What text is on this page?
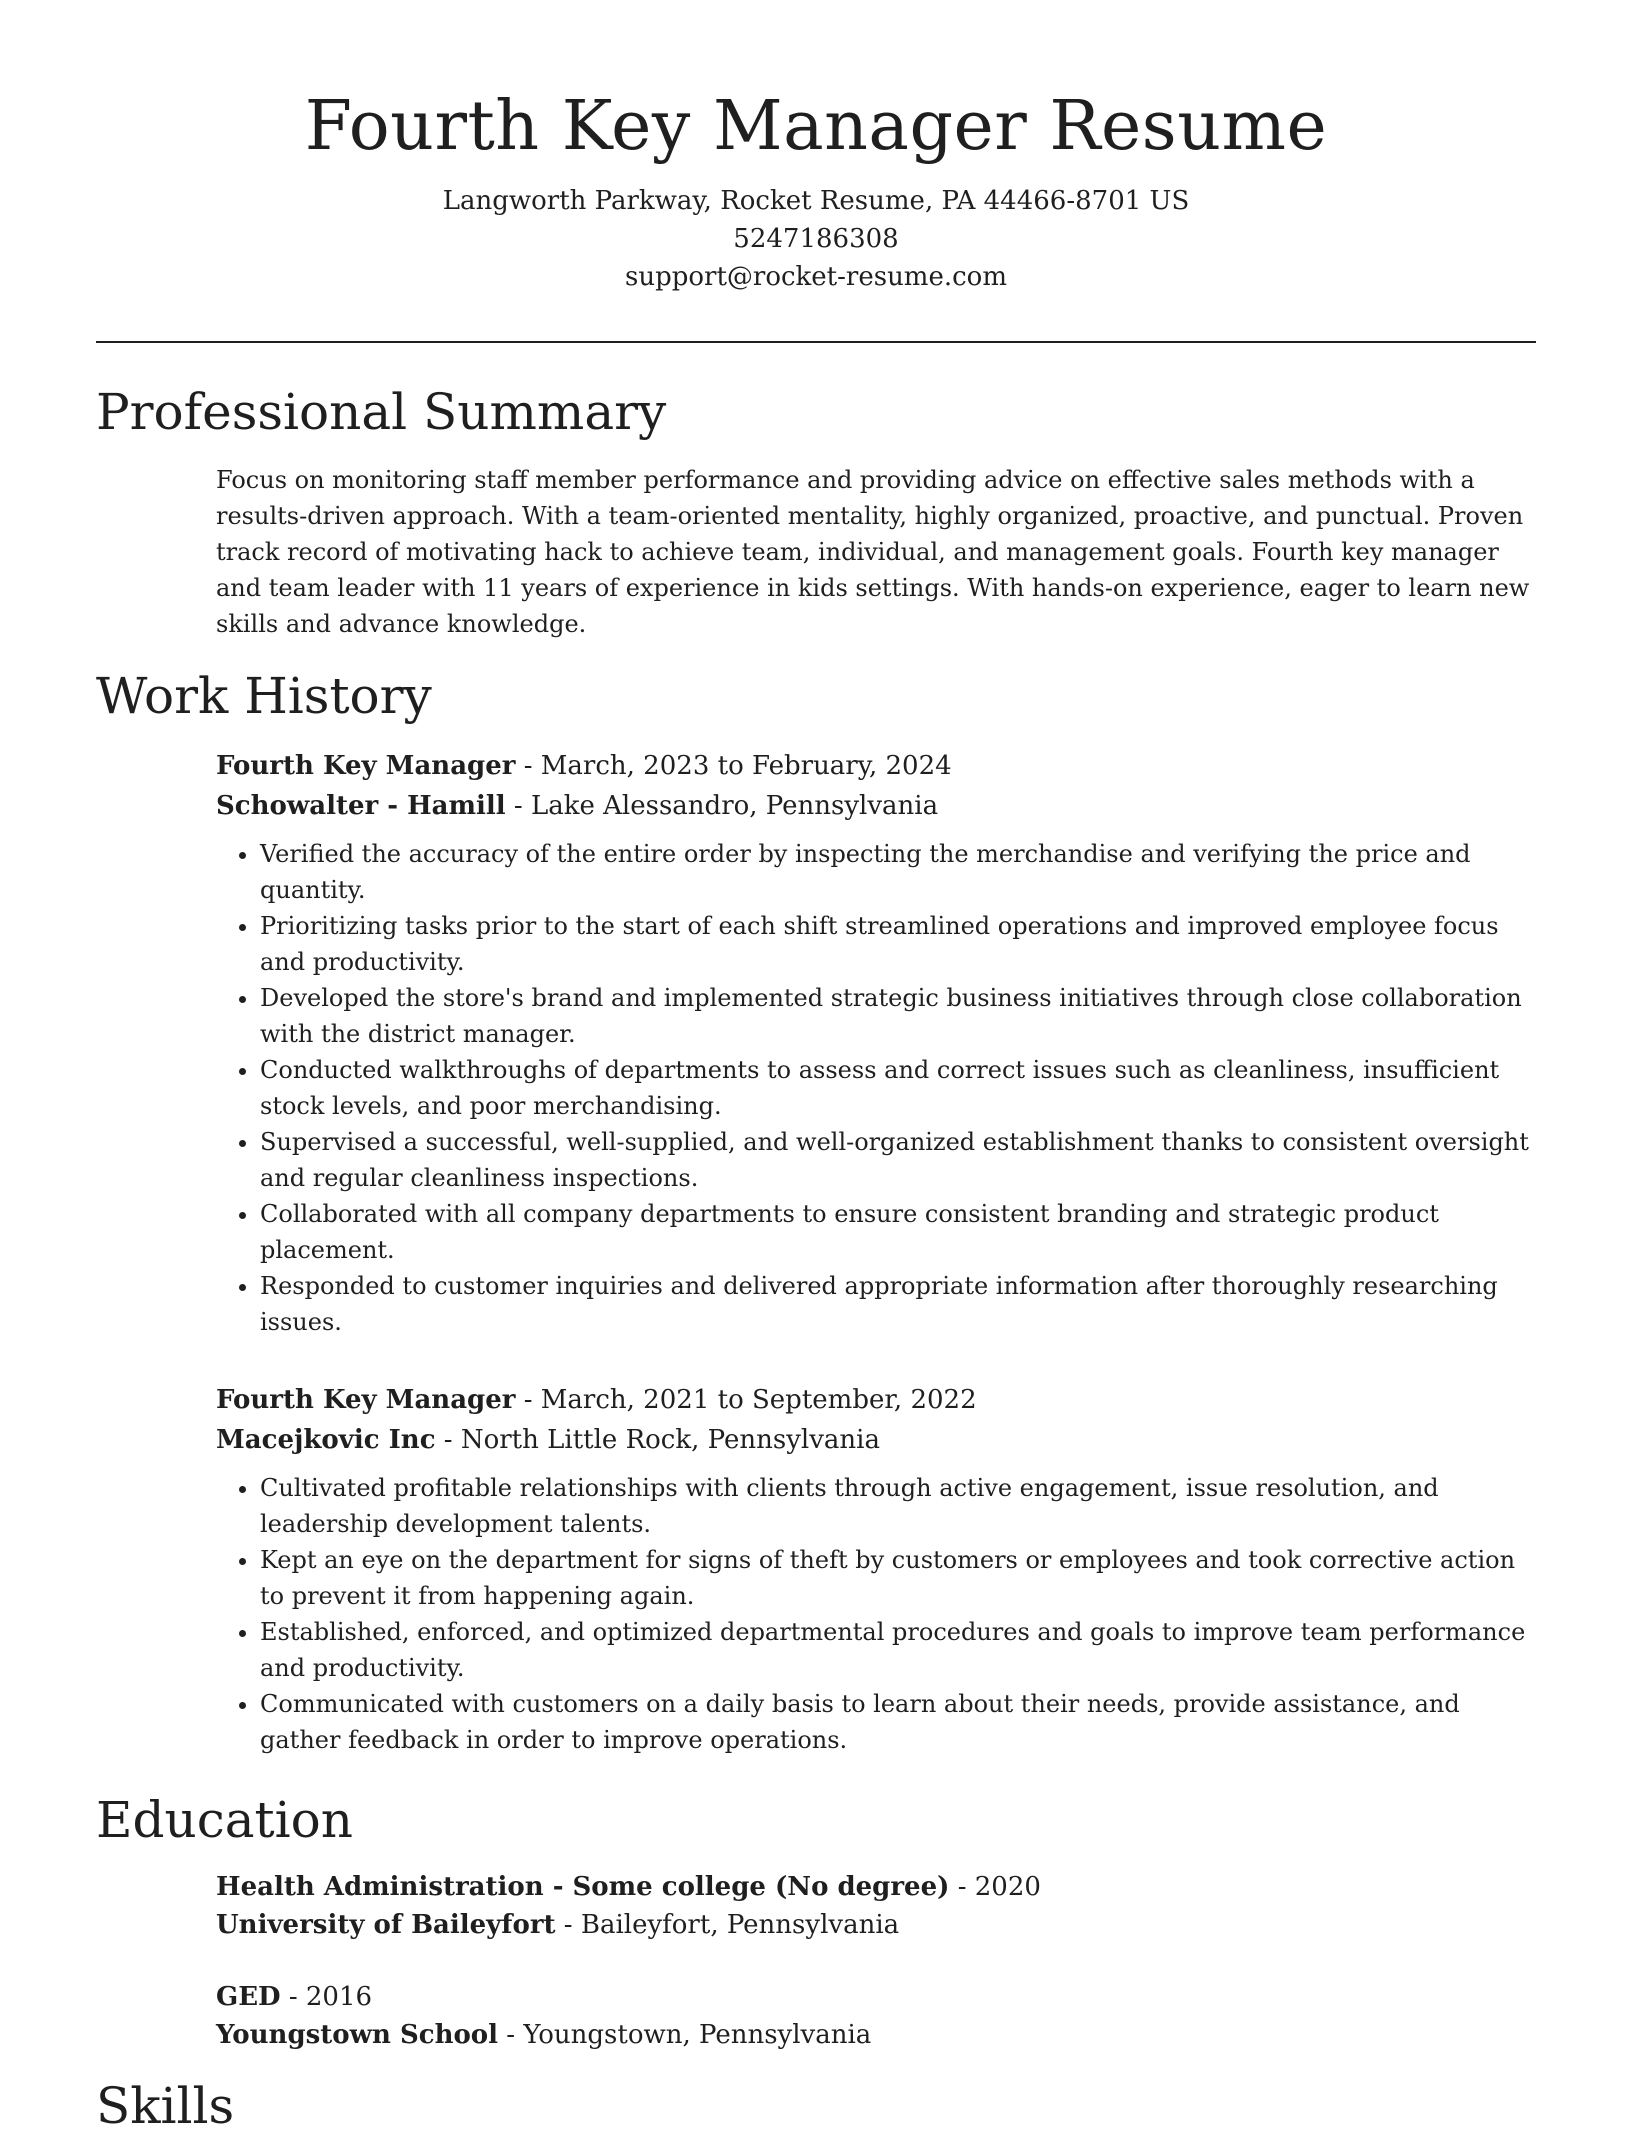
Fourth Key Manager Resume
Langworth Parkway, Rocket Resume, PA 44466-8701 US
5247186308
support@rocket-resume.com
Professional Summary
Focus on monitoring staff member performance and providing advice on effective sales methods with a results-driven approach. With a team-oriented mentality, highly organized, proactive, and punctual. Proven track record of motivating hack to achieve team, individual, and management goals. Fourth key manager and team leader with 11 years of experience in kids settings. With hands-on experience, eager to learn new skills and advance knowledge.
Work History
Fourth Key Manager - March, 2023 to February, 2024
Schowalter - Hamill - Lake Alessandro, Pennsylvania
• Verified the accuracy of the entire order by inspecting the merchandise and verifying the price and quantity.
• Prioritizing tasks prior to the start of each shift streamlined operations and improved employee focus and productivity.
• Developed the store's brand and implemented strategic business initiatives through close collaboration with the district manager.
• Conducted walkthroughs of departments to assess and correct issues such as cleanliness, insufficient stock levels, and poor merchandising.
• Supervised a successful, well-supplied, and well-organized establishment thanks to consistent oversight and regular cleanliness inspections.
• Collaborated with all company departments to ensure consistent branding and strategic product placement.
• Responded to customer inquiries and delivered appropriate information after thoroughly researching issues.
Fourth Key Manager - March, 2021 to September, 2022
Macejkovic Inc - North Little Rock, Pennsylvania
• Cultivated profitable relationships with clients through active engagement, issue resolution, and leadership development talents.
• Kept an eye on the department for signs of theft by customers or employees and took corrective action to prevent it from happening again.
• Established, enforced, and optimized departmental procedures and goals to improve team performance and productivity.
• Communicated with customers on a daily basis to learn about their needs, provide assistance, and gather feedback in order to improve operations.
Education
Health Administration - Some college (No degree) - 2020
University of Baileyfort - Baileyfort, Pennsylvania
GED - 2016
Youngstown School - Youngstown, Pennsylvania
Skills
